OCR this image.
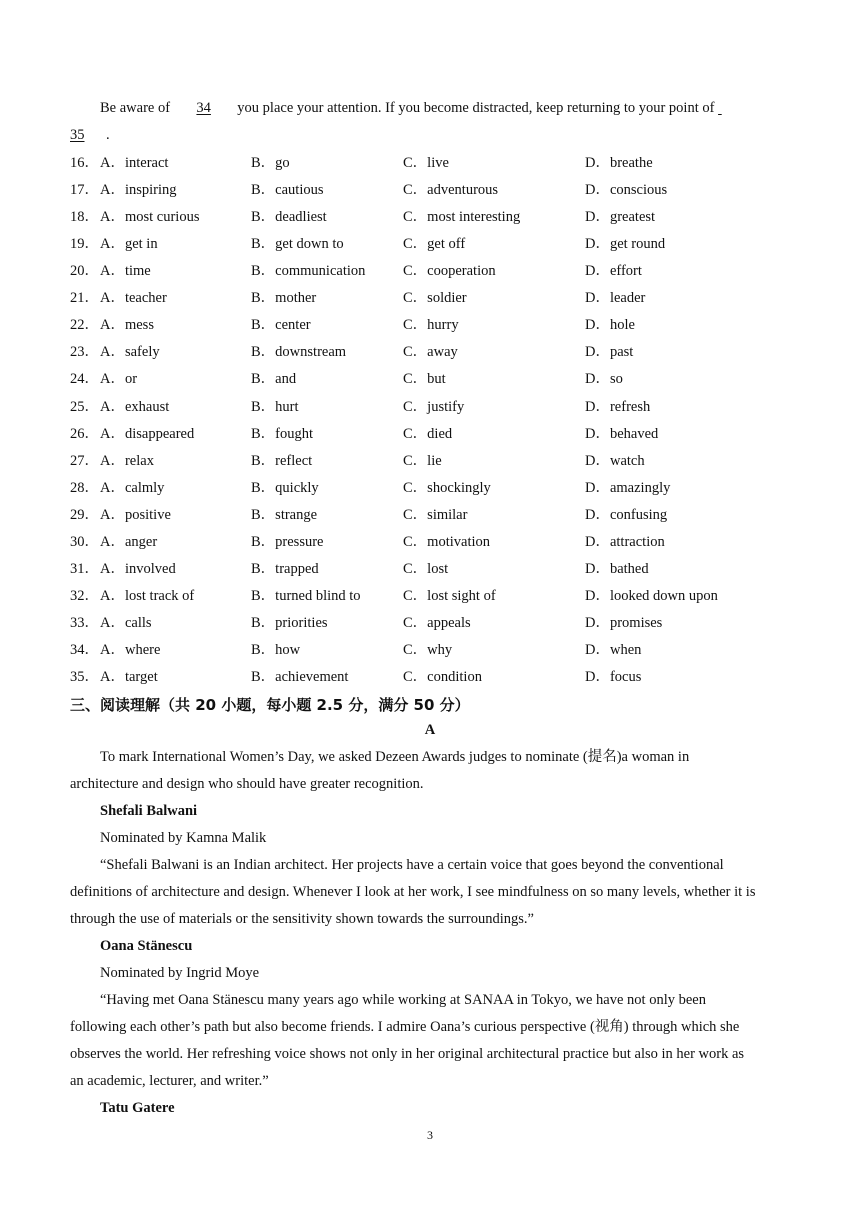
Be aware of 34 you place your attention. If you become distracted, keep returning to your point of
35 .
16． A．interact	B．go	C．live	D．breathe
17． A．inspiring	B．cautious	C．adventurous	D．conscious
18． A．most curious	B．deadliest	C．most interesting	D．greatest
19． A．get in	B．get down to	C．get off	D．get round
20． A．time	B．communication	C．cooperation	D．effort
21． A．teacher	B．mother	C．soldier	D．leader
22． A．mess	B．center	C．hurry	D．hole
23． A．safely	B．downstream	C．away	D．past
24． A．or	B．and	C．but	D．so
25． A．exhaust	B．hurt	C．justify	D．refresh
26． A．disappeared	B．fought	C．died	D．behaved
27． A．relax	B．reflect	C．lie	D．watch
28． A．calmly	B．quickly	C．shockingly	D．amazingly
29． A．positive	B．strange	C．similar	D．confusing
30． A．anger	B．pressure	C．motivation	D．attraction
31． A．involved	B．trapped	C．lost	D．bathed
32． A．lost track of	B．turned blind to	C．lost sight of	D．looked down upon
33． A．calls	B．priorities	C．appeals	D．promises
34． A．where	B．how	C．why	D．when
35． A．target	B．achievement	C．condition	D．focus
三、阅读理解（共 20 小题，每小题 2.5 分，满分 50 分）
A
To mark International Women’s Day, we asked Dezeen Awards judges to nominate (提名)a woman in
architecture and design who should have greater recognition.
Shefali Balwani
Nominated by Kamna Malik
“Shefali Balwani is an Indian architect. Her projects have a certain voice that goes beyond the conventional
definitions of architecture and design. Whenever I look at her work, I see mindfulness on so many levels, whether it is
through the use of materials or the sensitivity shown towards the surroundings.”
Oana Stänescu
Nominated by Ingrid Moye
“Having met Oana Stänescu many years ago while working at SANAA in Tokyo, we have not only been
following each other’s path but also become friends. I admire Oana’s curious perspective (视角) through which she
observes the world. Her refreshing voice shows not only in her original architectural practice but also in her work as
an academic, lecturer, and writer.”
Tatu Gatere
3
